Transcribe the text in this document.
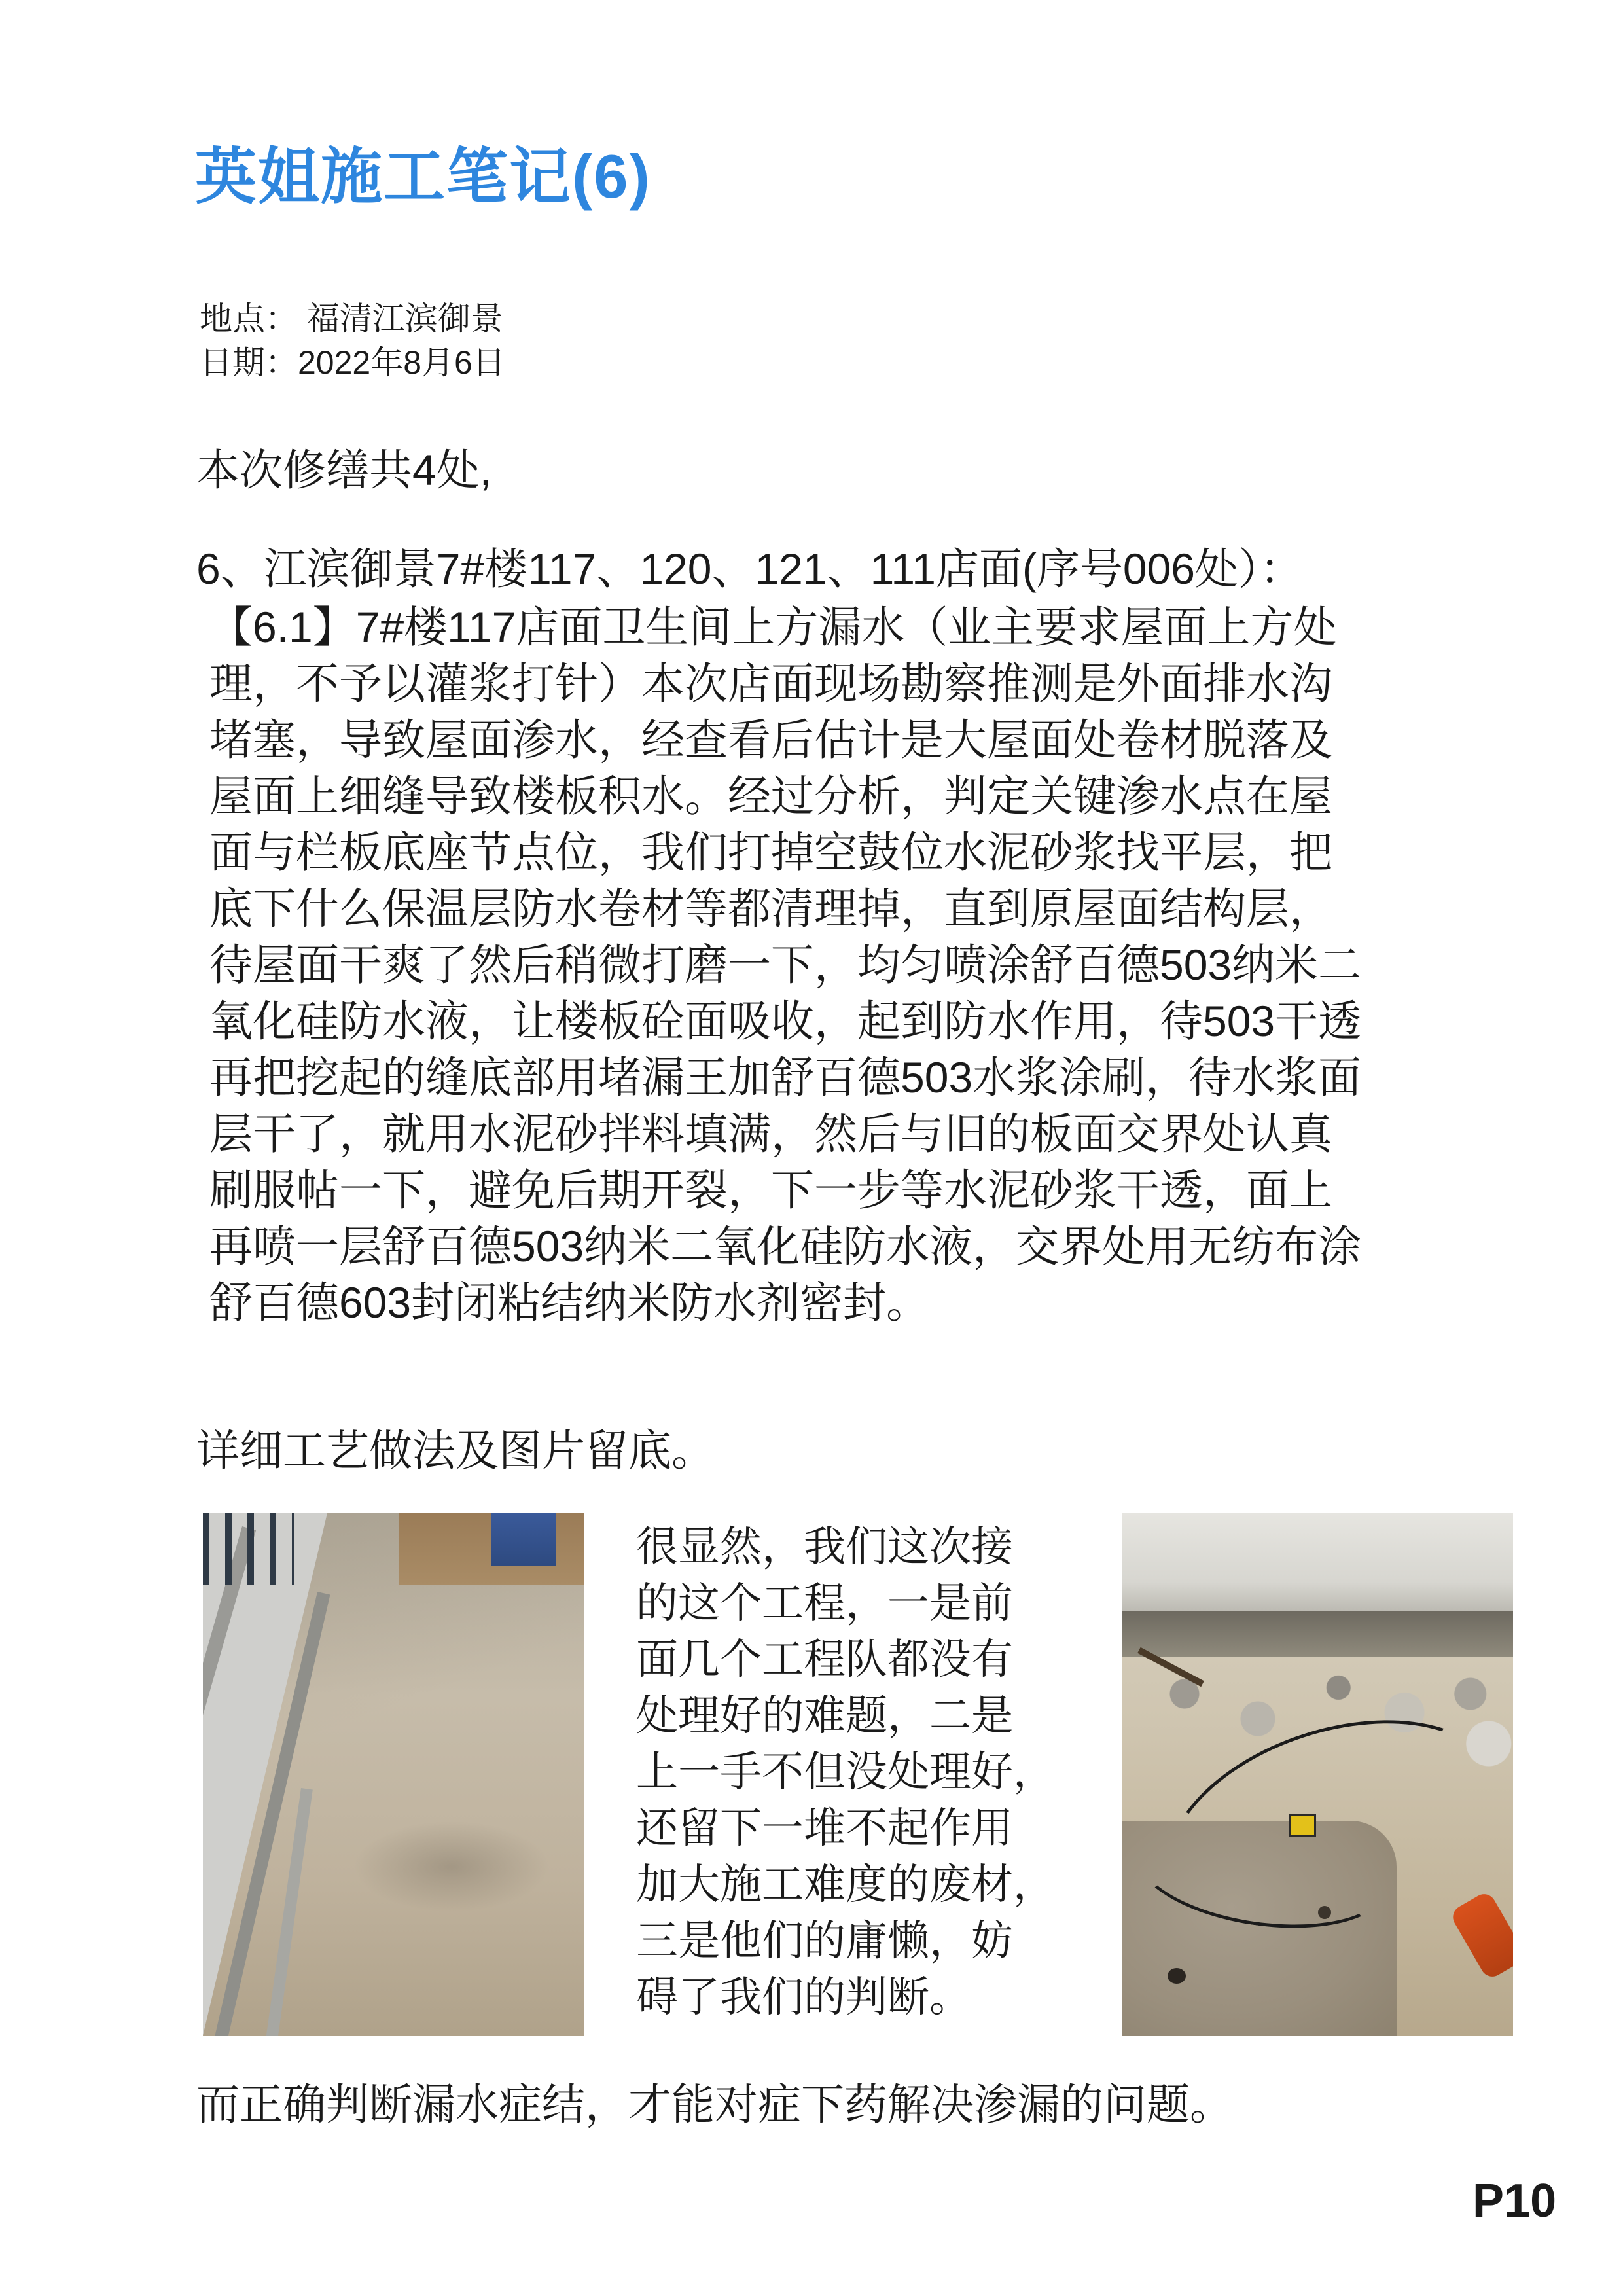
英姐施工笔记(6)
地点： 福清江滨御景
日期：2022年8月6日
本次修缮共4处,
6、江滨御景7#楼117、120、121、111店面(序号006处）：
【6.1】7#楼117店面卫生间上方漏水（业主要求屋面上方处
理，不予以灌浆打针）本次店面现场勘察推测是外面排水沟
堵塞，导致屋面渗水，经查看后估计是大屋面处卷材脱落及
屋面上细缝导致楼板积水。经过分析，判定关键渗水点在屋
面与栏板底座节点位，我们打掉空鼓位水泥砂浆找平层，把
底下什么保温层防水卷材等都清理掉，直到原屋面结构层，
待屋面干爽了然后稍微打磨一下，均匀喷涂舒百德503纳米二
氧化硅防水液，让楼板砼面吸收，起到防水作用，待503干透
再把挖起的缝底部用堵漏王加舒百德503水浆涂刷，待水浆面
层干了，就用水泥砂拌料填满，然后与旧的板面交界处认真
刷服帖一下，避免后期开裂，下一步等水泥砂浆干透，面上
再喷一层舒百德503纳米二氧化硅防水液，交界处用无纺布涂
舒百德603封闭粘结纳米防水剂密封。
详细工艺做法及图片留底。
很显然，我们这次接
的这个工程，一是前
面几个工程队都没有
处理好的难题，二是
上一手不但没处理好，
还留下一堆不起作用
加大施工难度的废材，
三是他们的庸懒，妨
碍了我们的判断。
而正确判断漏水症结，才能对症下药解决渗漏的问题。
P10
